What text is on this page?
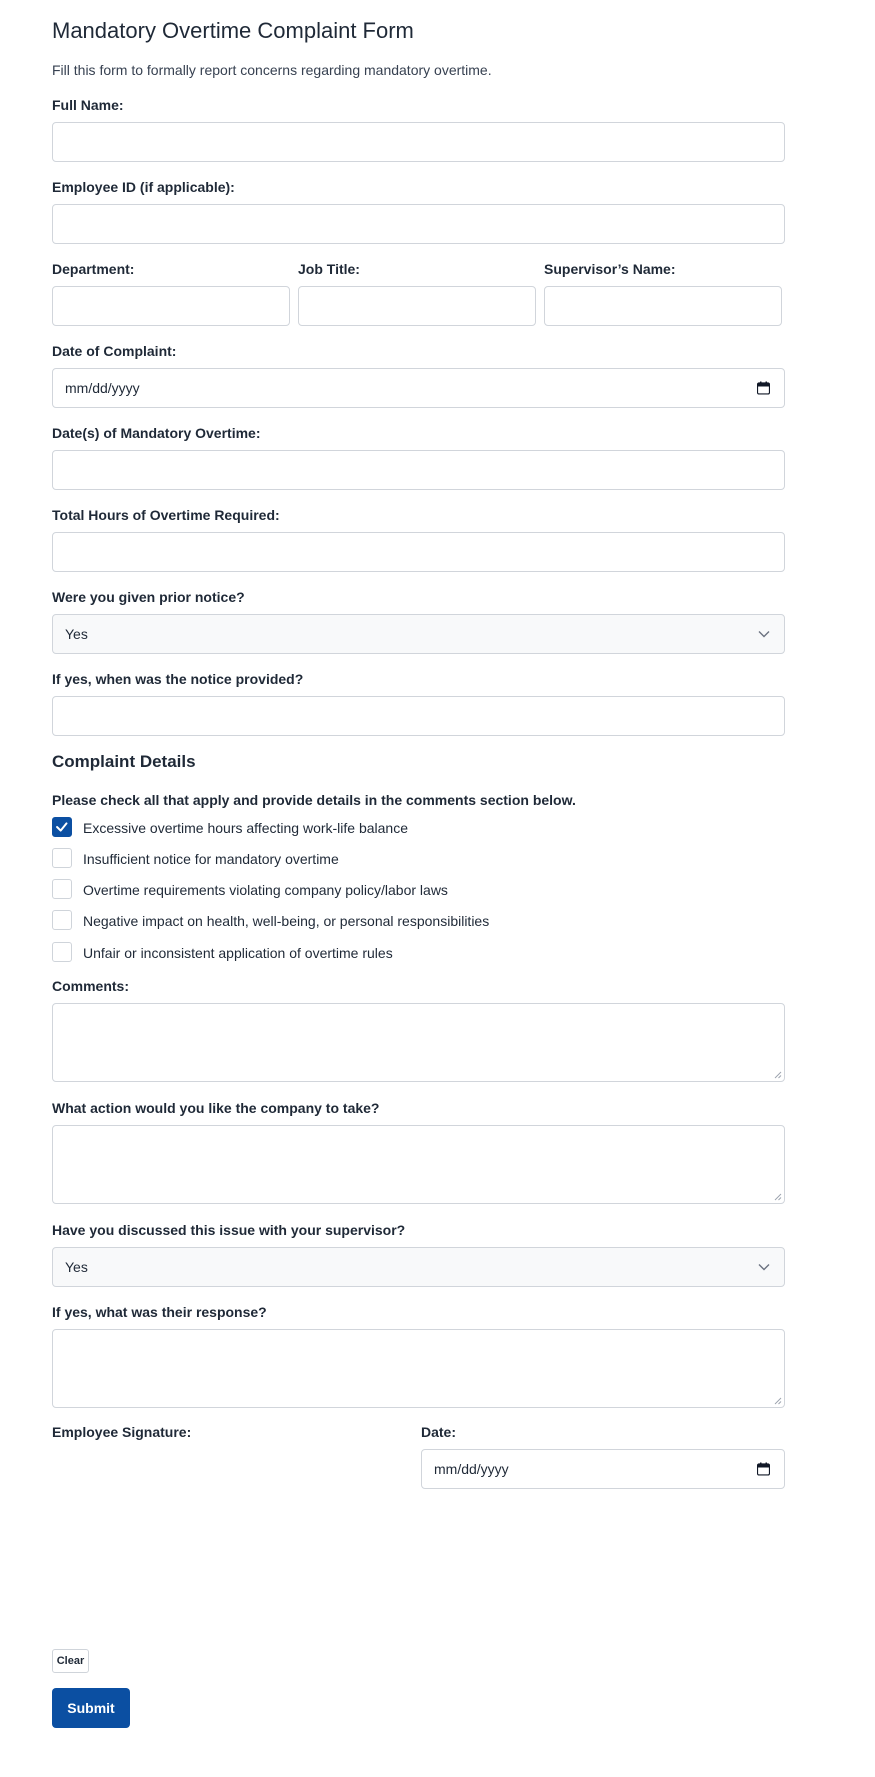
Mandatory Overtime Complaint Form
Fill this form to formally report concerns regarding mandatory overtime.
Full Name:
Employee ID (if applicable):
Department:	Job Title:	Supervisor’s Name:
Date of Complaint:
mm/dd/yyyy
Date(s) of Mandatory Overtime:
Total Hours of Overtime Required:
Were you given prior notice?
Yes
If yes, when was the notice provided?
Complaint Details
Please check all that apply and provide details in the comments section below.
Excessive overtime hours affecting work-life balance
Insufficient notice for mandatory overtime
Overtime requirements violating company policy/labor laws
Negative impact on health, well-being, or personal responsibilities
Unfair or inconsistent application of overtime rules
Comments:
What action would you like the company to take?
Have you discussed this issue with your supervisor?
Yes
If yes, what was their response?
Employee Signature:	Date:
mm/dd/yyyy
Clear
Submit
